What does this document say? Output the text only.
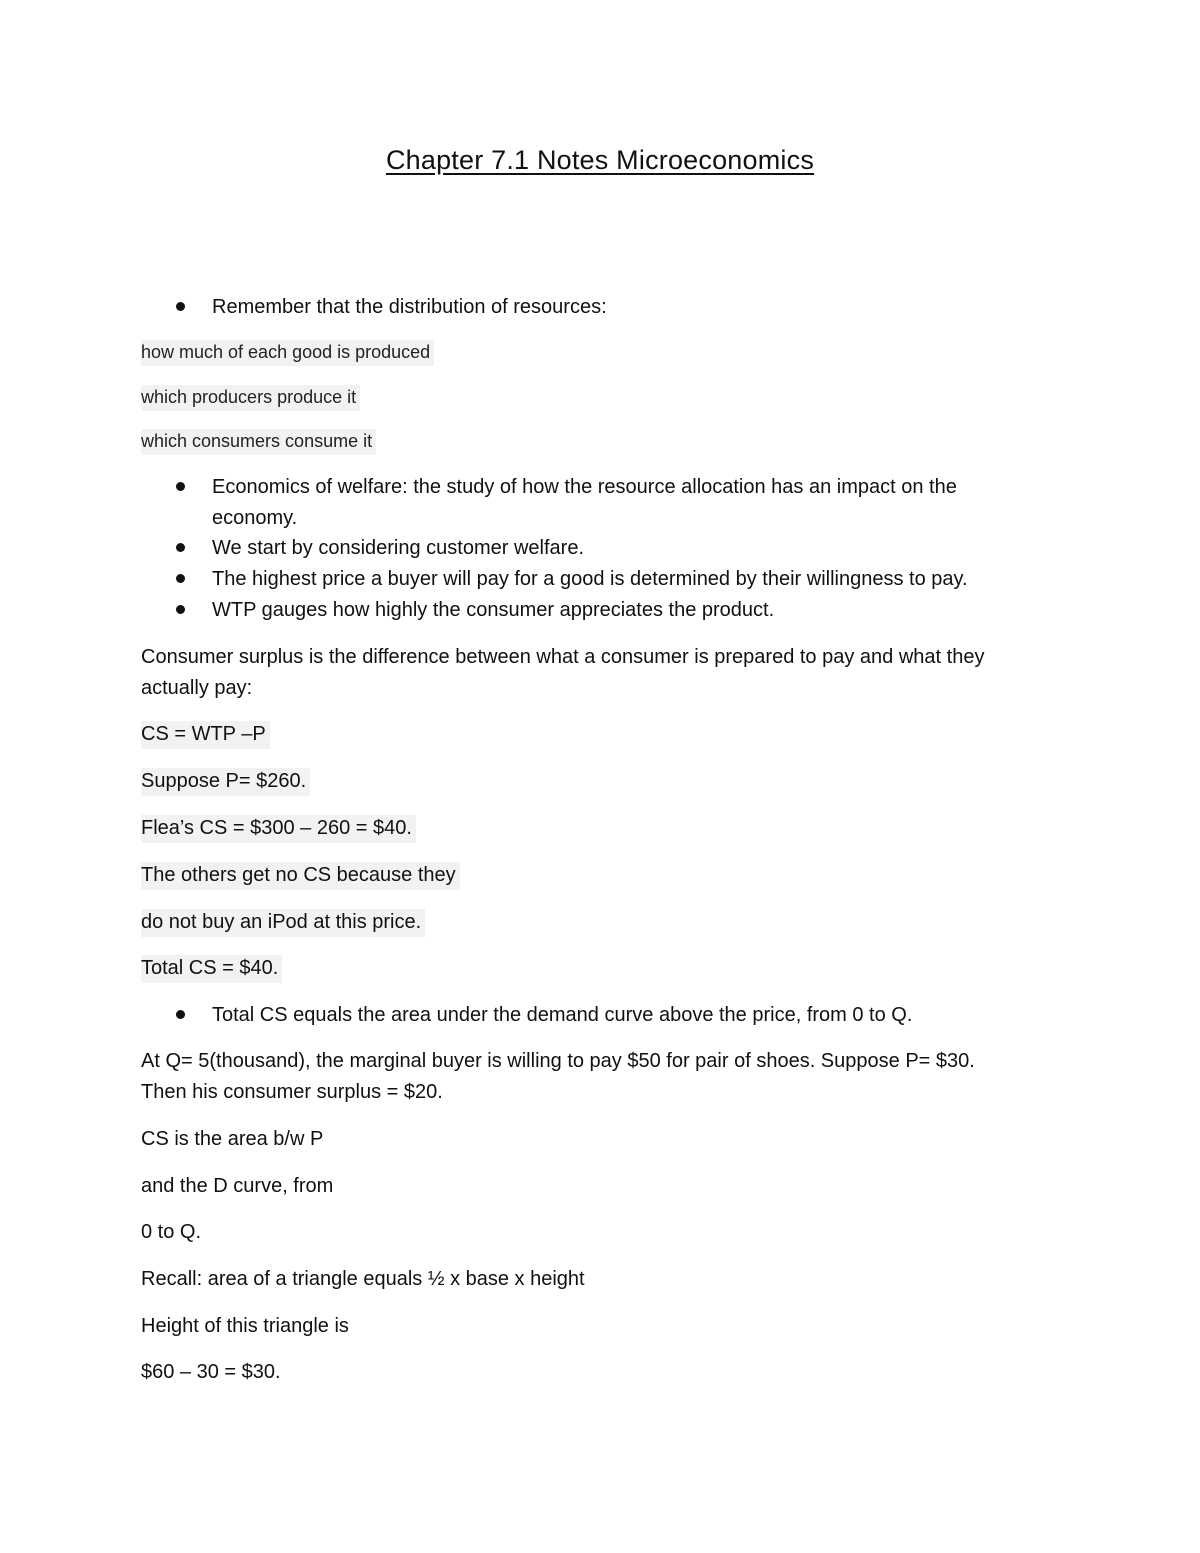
Chapter 7.1 Notes Microeconomics
Remember that the distribution of resources:
how much of each good is produced
which producers produce it
which consumers consume it
Economics of welfare: the study of how the resource allocation has an impact on the
economy.
We start by considering customer welfare.
The highest price a buyer will pay for a good is determined by their willingness to pay.
WTP gauges how highly the consumer appreciates the product.
Consumer surplus is the difference between what a consumer is prepared to pay and what they
actually pay:
CS = WTP –P
Suppose P= $260.
Flea’s CS = $300 – 260 = $40.
The others get no CS because they
do not buy an iPod at this price.
Total CS = $40.
Total CS equals the area under the demand curve above the price, from 0 to Q.
At Q= 5(thousand), the marginal buyer is willing to pay $50 for pair of shoes. Suppose P= $30.
Then his consumer surplus = $20.
CS is the area b/w P
and the D curve, from
0 to Q.
Recall: area of a triangle equals ½ x base x height
Height of this triangle is
$60 – 30 = $30.
